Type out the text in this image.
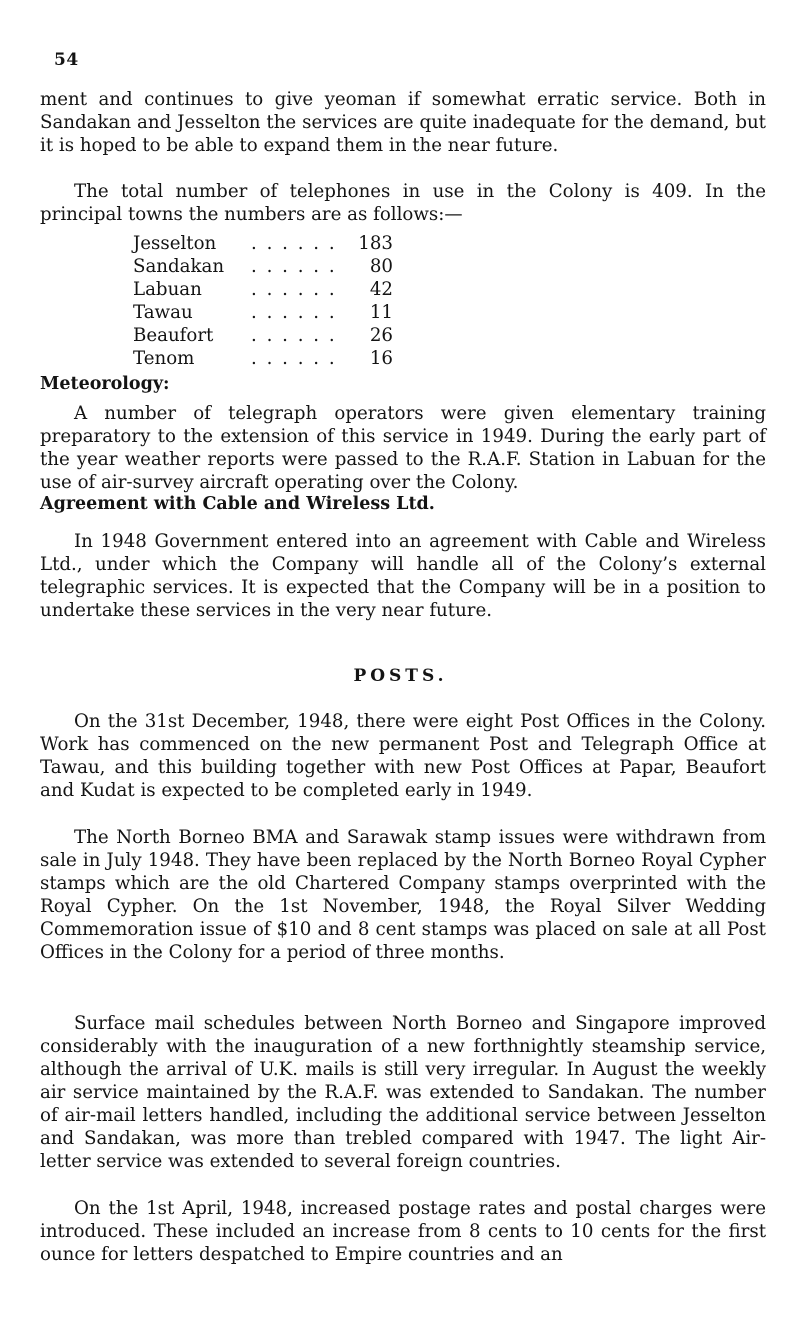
54

ment and continues to give yeoman if somewhat erratic service. Both in Sandakan and Jesselton the services are quite inadequate for the demand, but it is hoped to be able to expand them in the near future.

The total number of telephones in use in the Colony is 409. In the principal towns the numbers are as follows:—

Jesselton . . . . . . 183
Sandakan . . . . . . 80
Labuan	. . . . . . 42
Tawau	. . . . . . 11
Beaufort . . . . . . 26
Tenom	. . . . . . 16
Meteorology:

A number of telegraph operators were given elementary training preparatory to the extension of this service in 1949. During the early part of the year weather reports were passed to the R.A.F. Station in Labuan for the use of air-survey aircraft operating over the Colony.

Agreement with Cable and Wireless Ltd.

In 1948 Government entered into an agreement with Cable and Wireless Ltd., under which the Company will handle all of the Colony’s external telegraphic services. It is expected that the Company will be in a position to undertake these services in the very near future.

POSTS.

On the 31st December, 1948, there were eight Post Offices in the Colony. Work has commenced on the new permanent Post and Telegraph Office at Tawau, and this building together with new Post Offices at Papar, Beaufort and Kudat is expected to be completed early in 1949.

The North Borneo BMA and Sarawak stamp issues were withdrawn from sale in July 1948. They have been replaced by the North Borneo Royal Cypher stamps which are the old Chartered Company stamps overprinted with the Royal Cypher. On the 1st November, 1948, the Royal Silver Wedding Commemoration issue of $10 and 8 cent stamps was placed on sale at all Post Offices in the Colony for a period of three months.

Surface mail schedules between North Borneo and Singapore improved considerably with the inauguration of a new forthnightly steamship service, although the arrival of U.K. mails is still very irregular. In August the weekly air service maintained by the R.A.F. was extended to Sandakan. The number of air-mail letters handled, including the additional service between Jesselton and Sandakan, was more than trebled compared with 1947. The light Air-letter service was extended to several foreign countries.

On the 1st April, 1948, increased postage rates and postal charges were introduced. These included an increase from 8 cents to 10 cents for the first ounce for letters despatched to Empire countries and an
